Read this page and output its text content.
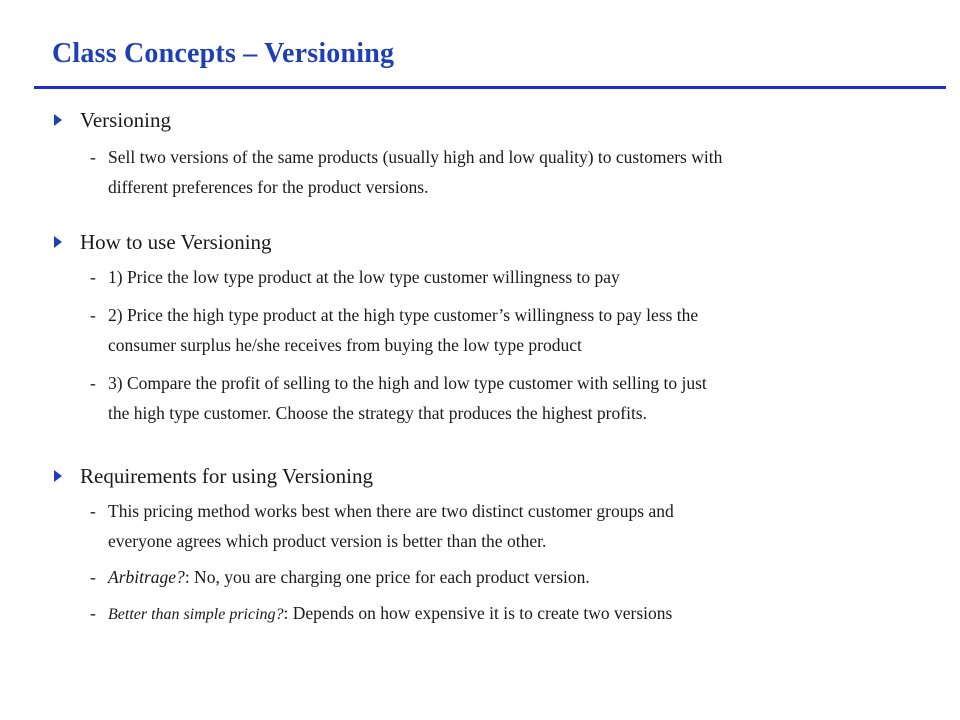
Class Concepts – Versioning
Versioning
- Sell two versions of the same products (usually high and low quality) to customers with
different preferences for the product versions.
How to use Versioning
- 1) Price the low type product at the low type customer willingness to pay
- 2) Price the high type product at the high type customer’s willingness to pay less the
consumer surplus he/she receives from buying the low type product
- 3) Compare the profit of selling to the high and low type customer with selling to just
the high type customer. Choose the strategy that produces the highest profits.
Requirements for using Versioning
- This pricing method works best when there are two distinct customer groups and
everyone agrees which product version is better than the other.
- Arbitrage?: No, you are charging one price for each product version.
- Better than simple pricing?: Depends on how expensive it is to create two versions
